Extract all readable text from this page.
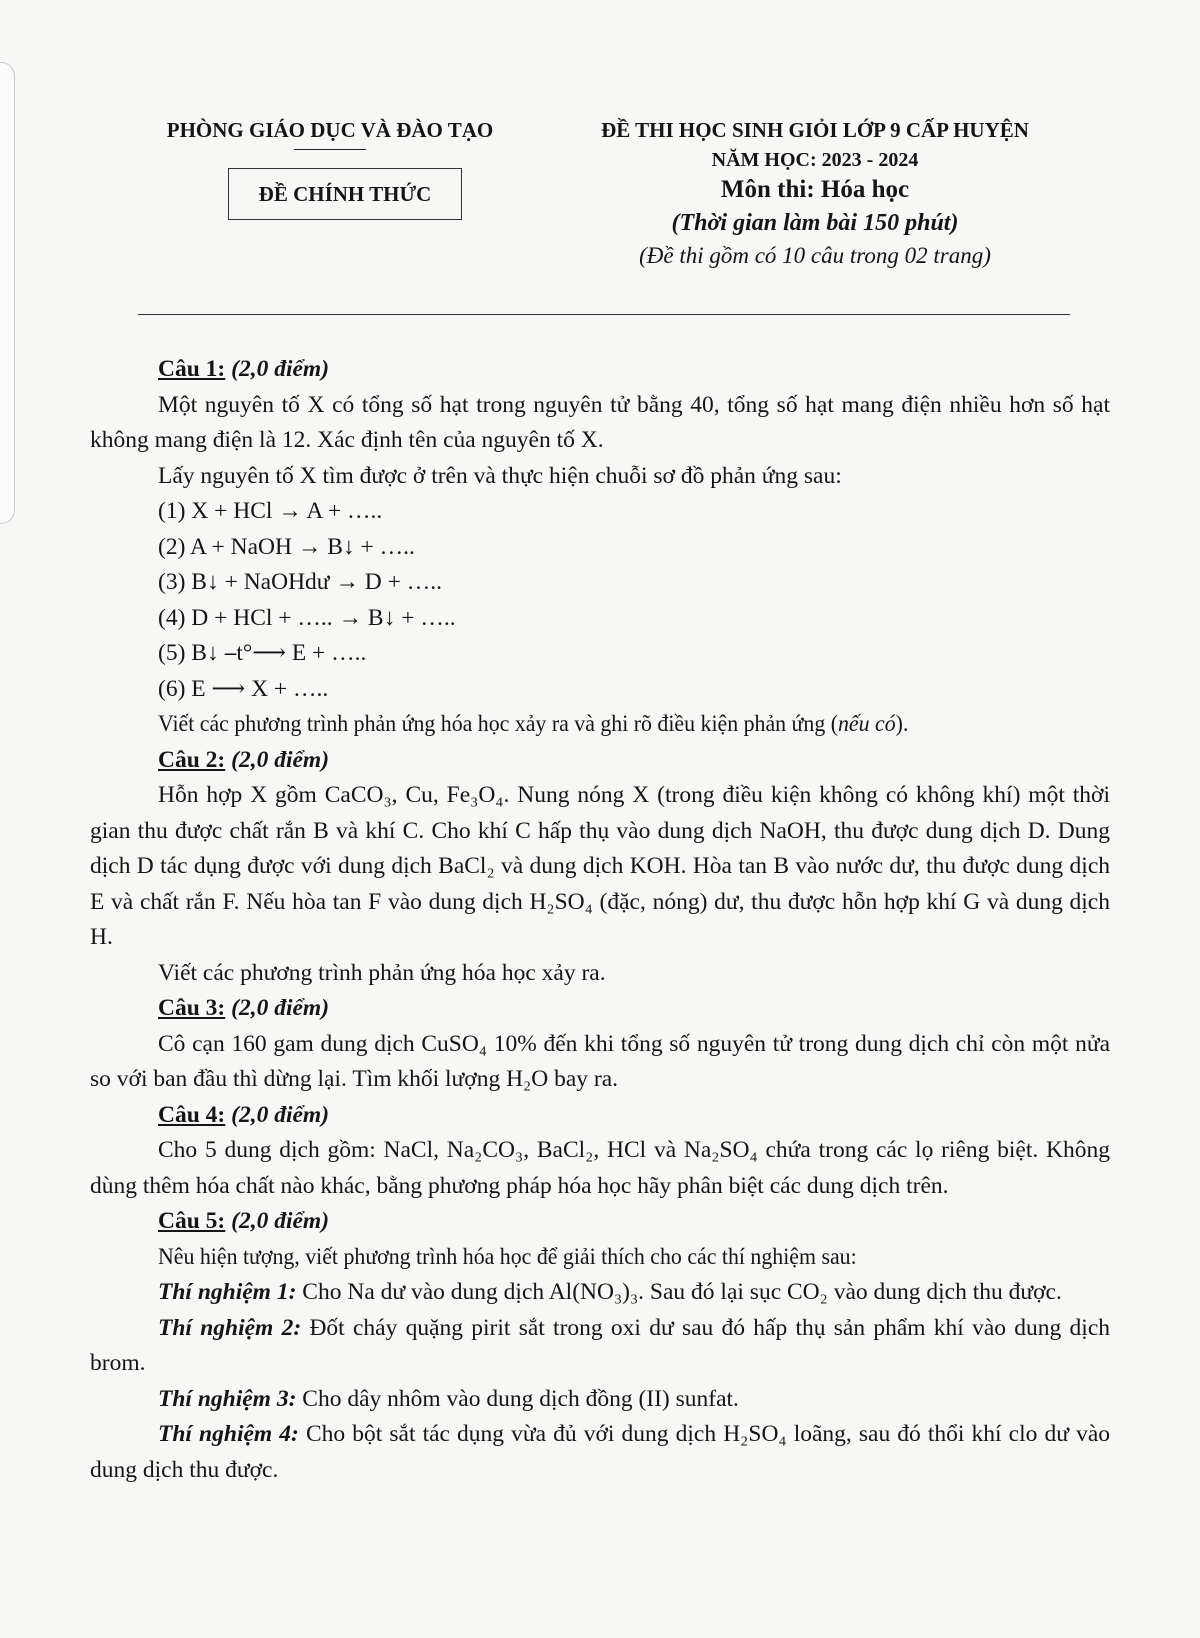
PHÒNG GIÁO DỤC VÀ ĐÀO TẠO
ĐỀ CHÍNH THỨC
ĐỀ THI HỌC SINH GIỎI LỚP 9 CẤP HUYỆN
NĂM HỌC: 2023 - 2024
Môn thi: Hóa học
(Thời gian làm bài 150 phút)
(Đề thi gồm có 10 câu trong 02 trang)

Câu 1: (2,0 điểm)

Một nguyên tố X có tổng số hạt trong nguyên tử bằng 40, tổng số hạt mang điện nhiều hơn số hạt không mang điện là 12. Xác định tên của nguyên tố X.

Lấy nguyên tố X tìm được ở trên và thực hiện chuỗi sơ đồ phản ứng sau:

(1) X + HCl → A + …..

(2) A + NaOH → B↓ + …..

(3) B↓ + NaOHdư → D + …..

(4) D + HCl + ….. → B↓ + …..

(5) B↓ ⎯t°⟶ E + …..

(6) E ⟶ X + …..

Viết các phương trình phản ứng hóa học xảy ra và ghi rõ điều kiện phản ứng (nếu có).

Câu 2: (2,0 điểm)

Hỗn hợp X gồm CaCO₃, Cu, Fe₃O₄. Nung nóng X (trong điều kiện không có không khí) một thời gian thu được chất rắn B và khí C. Cho khí C hấp thụ vào dung dịch NaOH, thu được dung dịch D. Dung dịch D tác dụng được với dung dịch BaCl₂ và dung dịch KOH. Hòa tan B vào nước dư, thu được dung dịch E và chất rắn F. Nếu hòa tan F vào dung dịch H₂SO₄ (đặc, nóng) dư, thu được hỗn hợp khí G và dung dịch H.

Viết các phương trình phản ứng hóa học xảy ra.

Câu 3: (2,0 điểm)

Cô cạn 160 gam dung dịch CuSO₄ 10% đến khi tổng số nguyên tử trong dung dịch chỉ còn một nửa so với ban đầu thì dừng lại. Tìm khối lượng H₂O bay ra.

Câu 4: (2,0 điểm)

Cho 5 dung dịch gồm: NaCl, Na₂CO₃, BaCl₂, HCl và Na₂SO₄ chứa trong các lọ riêng biệt. Không dùng thêm hóa chất nào khác, bằng phương pháp hóa học hãy phân biệt các dung dịch trên.

Câu 5: (2,0 điểm)

Nêu hiện tượng, viết phương trình hóa học để giải thích cho các thí nghiệm sau:

Thí nghiệm 1: Cho Na dư vào dung dịch Al(NO₃)₃. Sau đó lại sục CO₂ vào dung dịch thu được.

Thí nghiệm 2: Đốt cháy quặng pirit sắt trong oxi dư sau đó hấp thụ sản phẩm khí vào dung dịch brom.

Thí nghiệm 3: Cho dây nhôm vào dung dịch đồng (II) sunfat.

Thí nghiệm 4: Cho bột sắt tác dụng vừa đủ với dung dịch H₂SO₄ loãng, sau đó thổi khí clo dư vào dung dịch thu được.
